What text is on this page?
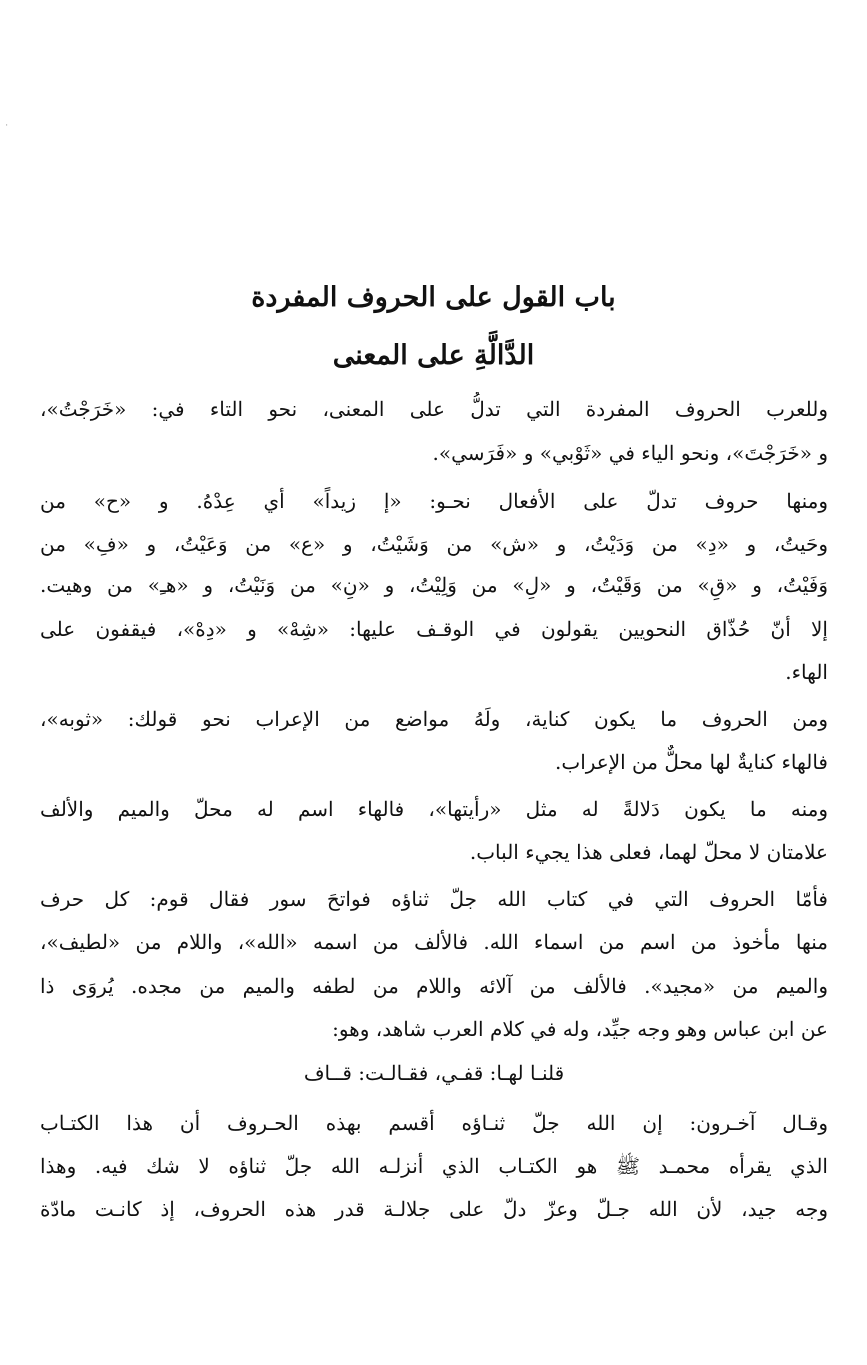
'
باب القول على الحروف المفردة
الدَّالَّةِ على المعنى
وللعرب الحروف المفردة التي تدلُّ على المعنى، نحو التاء في: «خَرَجْتُ»،
و «خَرَجْتَ»، ونحو الياء في «ثَوْبي» و «فَرَسي».
ومنها حروف تدلّ على الأفعال نحـو: «إ زيداً» أي عِدْهُ. و «ح» من
وحَيتُ، و «دِ» من وَدَيْتُ، و «ش» من وَشَيْتُ، و «ع» من وَعَيْتُ، و «فِ» من
وَفَيْتُ، و «قِ» من وَقَيْتُ، و «لِ» من وَلِيْتُ، و «نِ» من وَنَيْتُ، و «هـِ» من وهيت.
إلا أنّ حُذّاق النحويين يقولون في الوقـف عليها: «شِهْ» و «دِهْ»، فيقفون على
الهاء.
ومن الحروف ما يكون كناية، ولَهُ مواضع من الإعراب نحو قولك: «ثوبه»،
فالهاء كنايةٌ لها محلٌّ من الإعراب.
ومنه ما يكون دَلالةً له مثل «رأيتها»، فالهاء اسم له محلّ والميم والألف
علامتان لا محلّ لهما، فعلى هذا يجيء الباب.
فأمّا الحروف التي في كتاب الله جلّ ثناؤه فواتحَ سور فقال قوم: كل حرف
منها مأخوذ من اسم من اسماء الله. فالألف من اسمه «الله»، واللام من «لطيف»،
والميم من «مجيد». فالألف من آلائه واللام من لطفه والميم من مجده. يُروَى ذا
عن ابن عباس وهو وجه جيِّد، وله في كلام العرب شاهد، وهو:
قلنـا لهـا: قفـي، فقـالـت: قــاف
وقـال آخـرون: إن الله جلّ ثنـاؤه أقسم بهذه الحـروف أن هذا الكتـاب
الذي يقرأه محمـد ﷺ هو الكتـاب الذي أنزلـه الله جلّ ثناؤه لا شك فيه. وهذا
وجه جيد، لأن الله جـلّ وعزّ دلّ على جلالـة قدر هذه الحروف، إذ كانـت مادّة
